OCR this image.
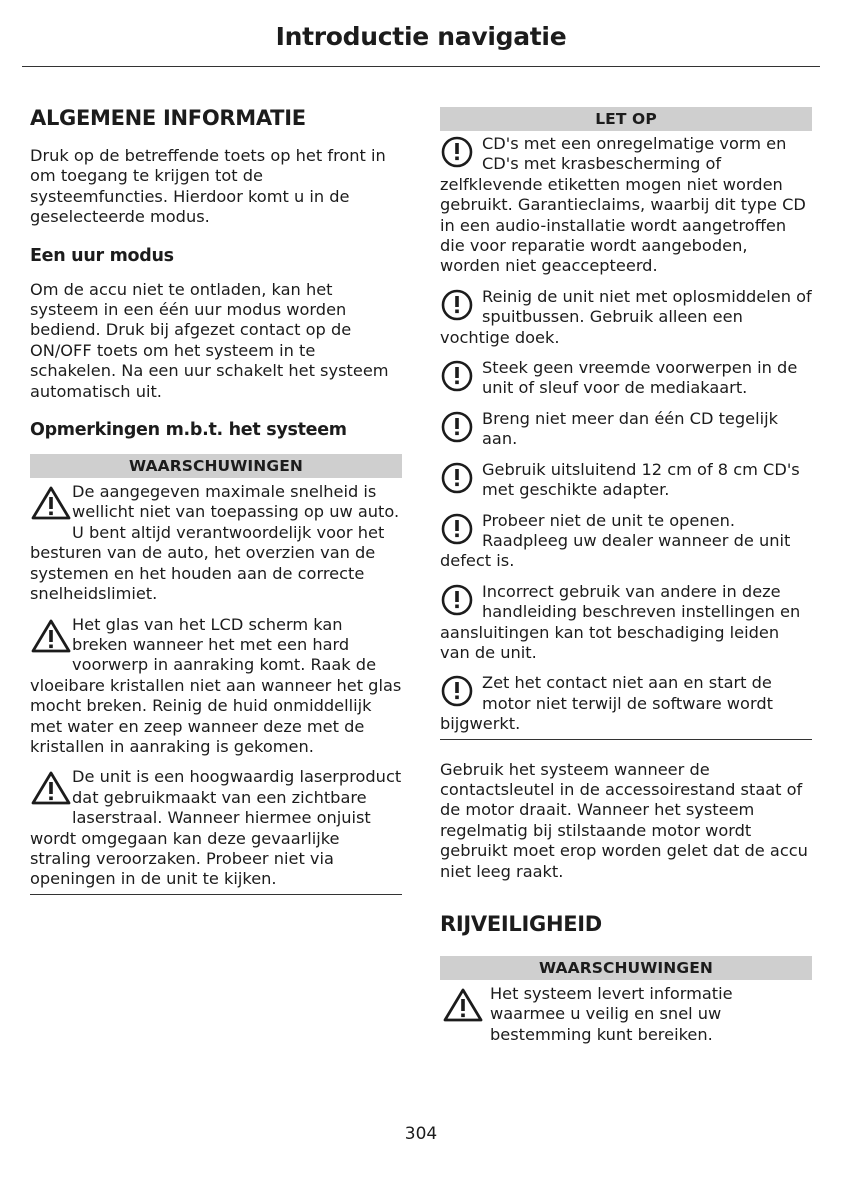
Introductie navigatie
ALGEMENE INFORMATIE

Druk op de betreffende toets op het front in om toegang te krijgen tot de systeemfuncties. Hierdoor komt u in de geselecteerde modus.

Een uur modus

Om de accu niet te ontladen, kan het systeem in een één uur modus worden bediend. Druk bij afgezet contact op de ON/OFF toets om het systeem in te schakelen. Na een uur schakelt het systeem automatisch uit.

Opmerkingen m.b.t. het systeem
WAARSCHUWINGEN
De aangegeven maximale snelheid is wellicht niet van toepassing op uw auto. U bent altijd verantwoordelijk voor het besturen van de auto, het overzien van de systemen en het houden aan de correcte snelheidslimiet.
Het glas van het LCD scherm kan breken wanneer het met een hard voorwerp in aanraking komt. Raak de vloeibare kristallen niet aan wanneer het glas mocht breken. Reinig de huid onmiddellijk met water en zeep wanneer deze met de kristallen in aanraking is gekomen.
De unit is een hoogwaardig laserproduct dat gebruikmaakt van een zichtbare laserstraal. Wanneer hiermee onjuist wordt omgegaan kan deze gevaarlijke straling veroorzaken. Probeer niet via openingen in de unit te kijken.
LET OP
CD's met een onregelmatige vorm en CD's met krasbescherming of zelfklevende etiketten mogen niet worden gebruikt. Garantieclaims, waarbij dit type CD in een audio-installatie wordt aangetroffen die voor reparatie wordt aangeboden, worden niet geaccepteerd.
Reinig de unit niet met oplosmiddelen of spuitbussen. Gebruik alleen een vochtige doek.
Steek geen vreemde voorwerpen in de unit of sleuf voor de mediakaart.
Breng niet meer dan één CD tegelijk aan.
Gebruik uitsluitend 12 cm of 8 cm CD's met geschikte adapter.
Probeer niet de unit te openen. Raadpleeg uw dealer wanneer de unit defect is.
Incorrect gebruik van andere in deze handleiding beschreven instellingen en aansluitingen kan tot beschadiging leiden van de unit.
Zet het contact niet aan en start de motor niet terwijl de software wordt bijgwerkt.

Gebruik het systeem wanneer de contactsleutel in de accessoirestand staat of de motor draait. Wanneer het systeem regelmatig bij stilstaande motor wordt gebruikt moet erop worden gelet dat de accu niet leeg raakt.

RIJVEILIGHEID
WAARSCHUWINGEN
Het systeem levert informatie waarmee u veilig en snel uw bestemming kunt bereiken.
304
